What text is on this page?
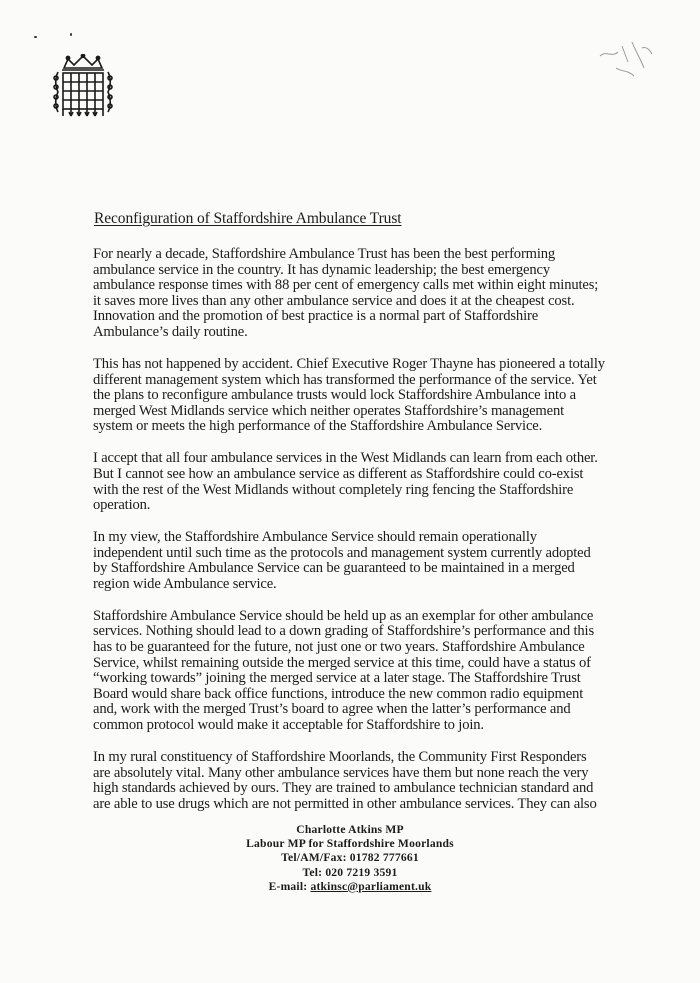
Reconfiguration of Staffordshire Ambulance Trust

For nearly a decade, Staffordshire Ambulance Trust has been the best performing ambulance service in the country. It has dynamic leadership; the best emergency ambulance response times with 88 per cent of emergency calls met within eight minutes; it saves more lives than any other ambulance service and does it at the cheapest cost. Innovation and the promotion of best practice is a normal part of Staffordshire Ambulance’s daily routine.

This has not happened by accident. Chief Executive Roger Thayne has pioneered a totally different management system which has transformed the performance of the service. Yet the plans to reconfigure ambulance trusts would lock Staffordshire Ambulance into a merged West Midlands service which neither operates Staffordshire’s management system or meets the high performance of the Staffordshire Ambulance Service.

I accept that all four ambulance services in the West Midlands can learn from each other. But I cannot see how an ambulance service as different as Staffordshire could co-exist with the rest of the West Midlands without completely ring fencing the Staffordshire operation.

In my view, the Staffordshire Ambulance Service should remain operationally independent until such time as the protocols and management system currently adopted by Staffordshire Ambulance Service can be guaranteed to be maintained in a merged region wide Ambulance service.

Staffordshire Ambulance Service should be held up as an exemplar for other ambulance services. Nothing should lead to a down grading of Staffordshire’s performance and this has to be guaranteed for the future, not just one or two years. Staffordshire Ambulance Service, whilst remaining outside the merged service at this time, could have a status of “working towards” joining the merged service at a later stage. The Staffordshire Trust Board would share back office functions, introduce the new common radio equipment and, work with the merged Trust’s board to agree when the latter’s performance and common protocol would make it acceptable for Staffordshire to join.

In my rural constituency of Staffordshire Moorlands, the Community First Responders are absolutely vital. Many other ambulance services have them but none reach the very high standards achieved by ours. They are trained to ambulance technician standard and are able to use drugs which are not permitted in other ambulance services. They can also

Charlotte Atkins MP
Labour MP for Staffordshire Moorlands
Tel/AM/Fax: 01782 777661
Tel: 020 7219 3591
E-mail: atkinsc@parliament.uk
